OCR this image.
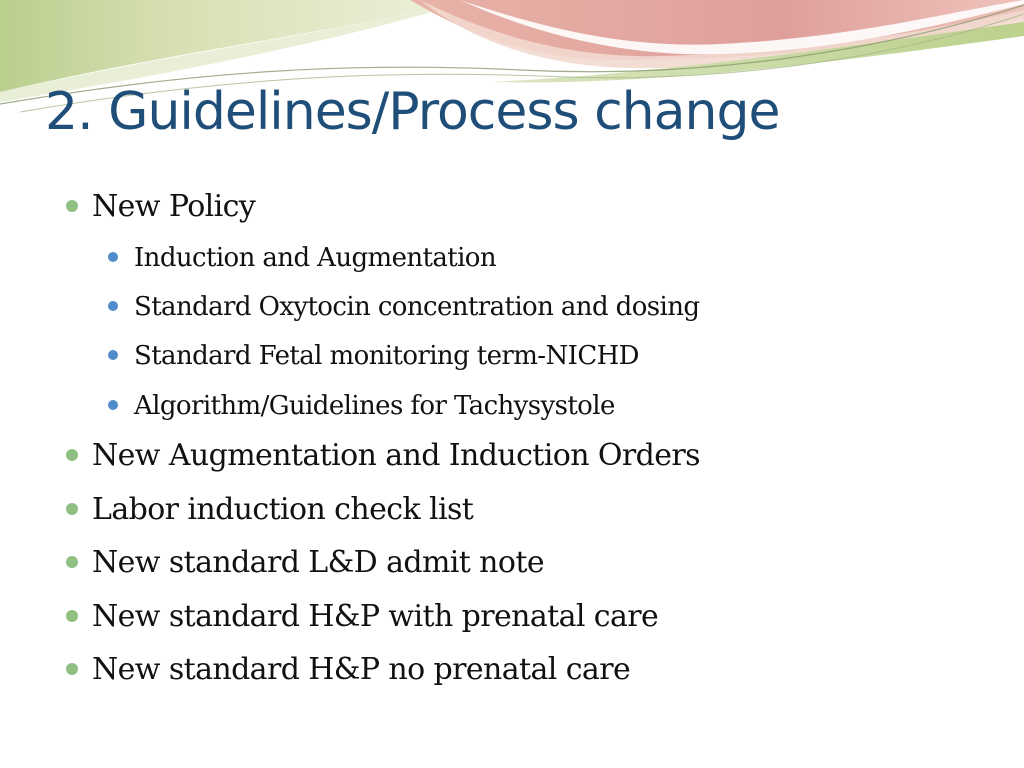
2. Guidelines/Process change
New Policy
Induction and Augmentation
Standard Oxytocin concentration and dosing
Standard Fetal monitoring term-NICHD
Algorithm/Guidelines for Tachysystole
New Augmentation and Induction Orders
Labor induction check list
New standard L&D admit note
New standard H&P with prenatal care
New standard H&P no prenatal care
